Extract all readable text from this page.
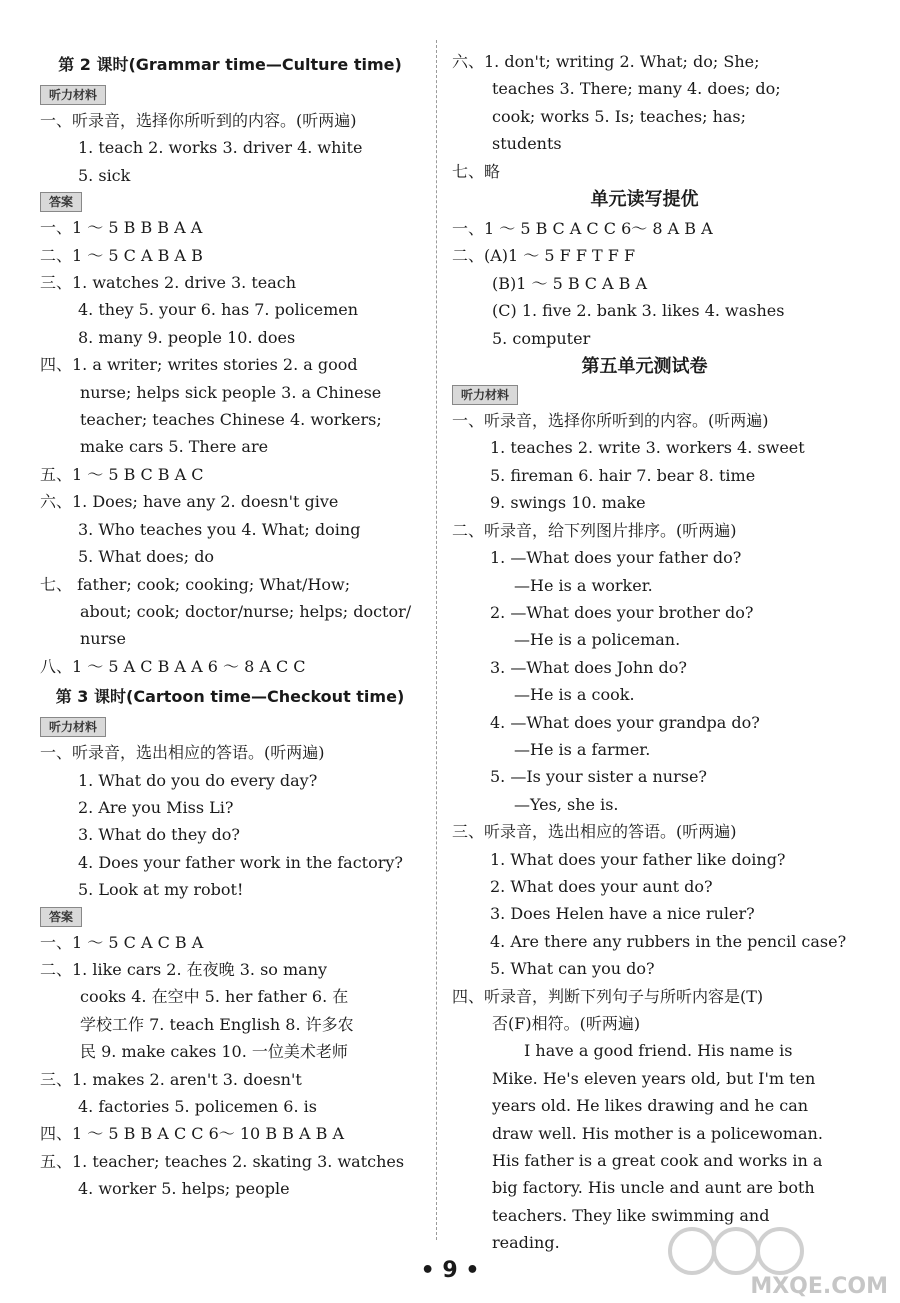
第 2 课时(Grammar time—Culture time)
听力材料
一、听录音，选择你所听到的内容。(听两遍)
1. teach 2. works 3. driver 4. white
5. sick
答案
一、1 ～ 5 B B B A A
二、1 ～ 5 C A B A B
三、1. watches 2. drive 3. teach
4. they 5. your 6. has 7. policemen
8. many 9. people 10. does
四、1. a writer; writes stories 2. a good
nurse; helps sick people 3. a Chinese
teacher; teaches Chinese 4. workers;
make cars 5. There are
五、1 ～ 5 B C B A C
六、1. Does; have any 2. doesn't give
3. Who teaches you 4. What; doing
5. What does; do
七、 father; cook; cooking; What/How;
about; cook; doctor/nurse; helps; doctor/
nurse
八、1 ～ 5 A C B A A 6 ～ 8 A C C
第 3 课时(Cartoon time—Checkout time)
听力材料
一、听录音，选出相应的答语。(听两遍)
1. What do you do every day?
2. Are you Miss Li?
3. What do they do?
4. Does your father work in the factory?
5. Look at my robot!
答案
一、1 ～ 5 C A C B A
二、1. like cars 2. 在夜晚 3. so many
cooks 4. 在空中 5. her father 6. 在
学校工作 7. teach English 8. 许多农
民 9. make cakes 10. 一位美术老师
三、1. makes 2. aren't 3. doesn't
4. factories 5. policemen 6. is
四、1 ～ 5 B B A C C 6～ 10 B B A B A
五、1. teacher; teaches 2. skating 3. watches
4. worker 5. helps; people
六、1. don't; writing 2. What; do; She;
teaches 3. There; many 4. does; do;
cook; works 5. Is; teaches; has;
students
七、略
单元读写提优
一、1 ～ 5 B C A C C 6～ 8 A B A
二、(A)1 ～ 5 F F T F F
(B)1 ～ 5 B C A B A
(C) 1. five 2. bank 3. likes 4. washes
5. computer
第五单元测试卷
听力材料
一、听录音，选择你所听到的内容。(听两遍)
1. teaches 2. write 3. workers 4. sweet
5. fireman 6. hair 7. bear 8. time
9. swings 10. make
二、听录音，给下列图片排序。(听两遍)
1. —What does your father do?
—He is a worker.
2. —What does your brother do?
—He is a policeman.
3. —What does John do?
—He is a cook.
4. —What does your grandpa do?
—He is a farmer.
5. —Is your sister a nurse?
—Yes, she is.
三、听录音，选出相应的答语。(听两遍)
1. What does your father like doing?
2. What does your aunt do?
3. Does Helen have a nice ruler?
4. Are there any rubbers in the pencil case?
5. What can you do?
四、听录音，判断下列句子与所听内容是(T)
否(F)相符。(听两遍)

I have a good friend. His name is Mike. He's eleven years old, but I'm ten years old. He likes drawing and he can draw well. His mother is a policewoman. His father is a great cook and works in a big factory. His uncle and aunt are both teachers. They like swimming and reading.

• 9 •
MXQE.COM
